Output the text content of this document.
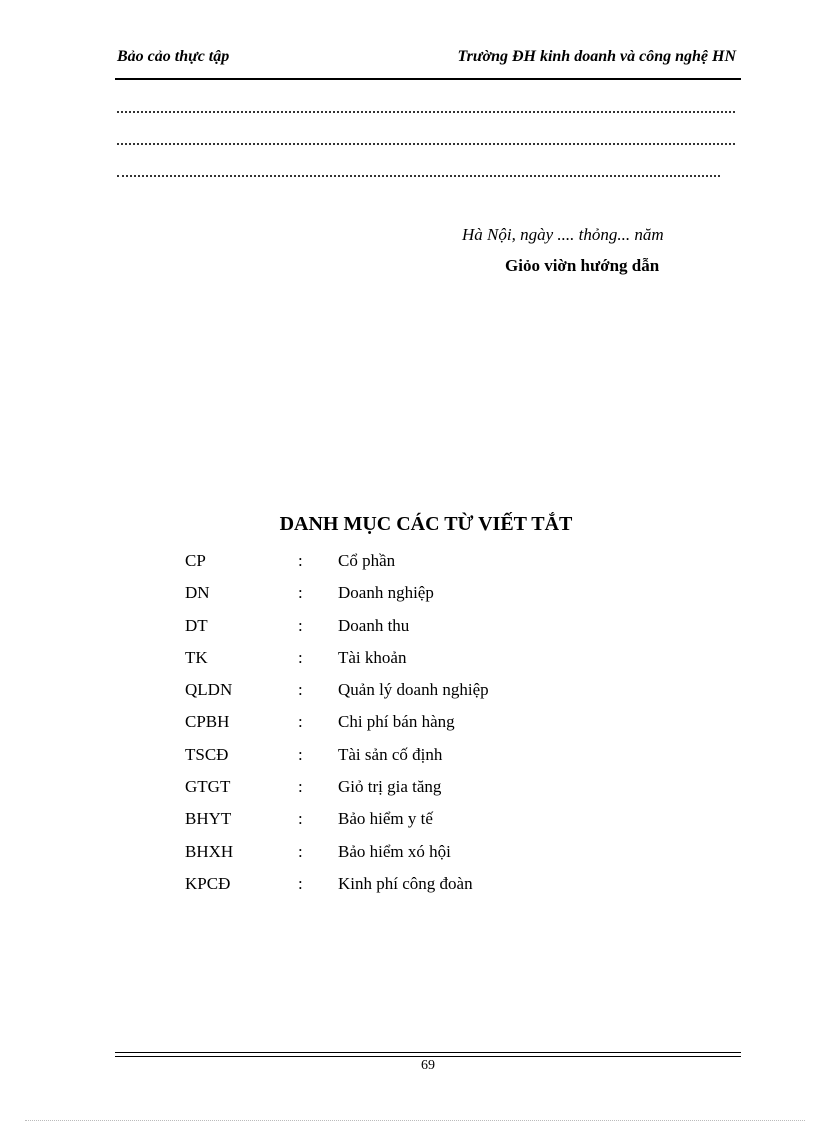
Bảo cảo thực tập	Trường ĐH kinh doanh và công nghệ HN
Hà Nội, ngày .... thỏng... năm
Giỏo viờn hướng dẫn
DANH MỤC CÁC TỪ VIẾT TẮT
CP	: Cổ phần
DN	: Doanh nghiệp
DT	: Doanh thu
TK	: Tài khoản
QLDN	: Quản lý doanh nghiệp
CPBH	: Chi phí bán hàng
TSCĐ	: Tài sản cố định
GTGT	: Giỏ trị gia tăng
BHYT	: Bảo hiểm y tế
BHXH	: Bảo hiểm xó hội
KPCĐ	: Kinh phí công đoàn
69
